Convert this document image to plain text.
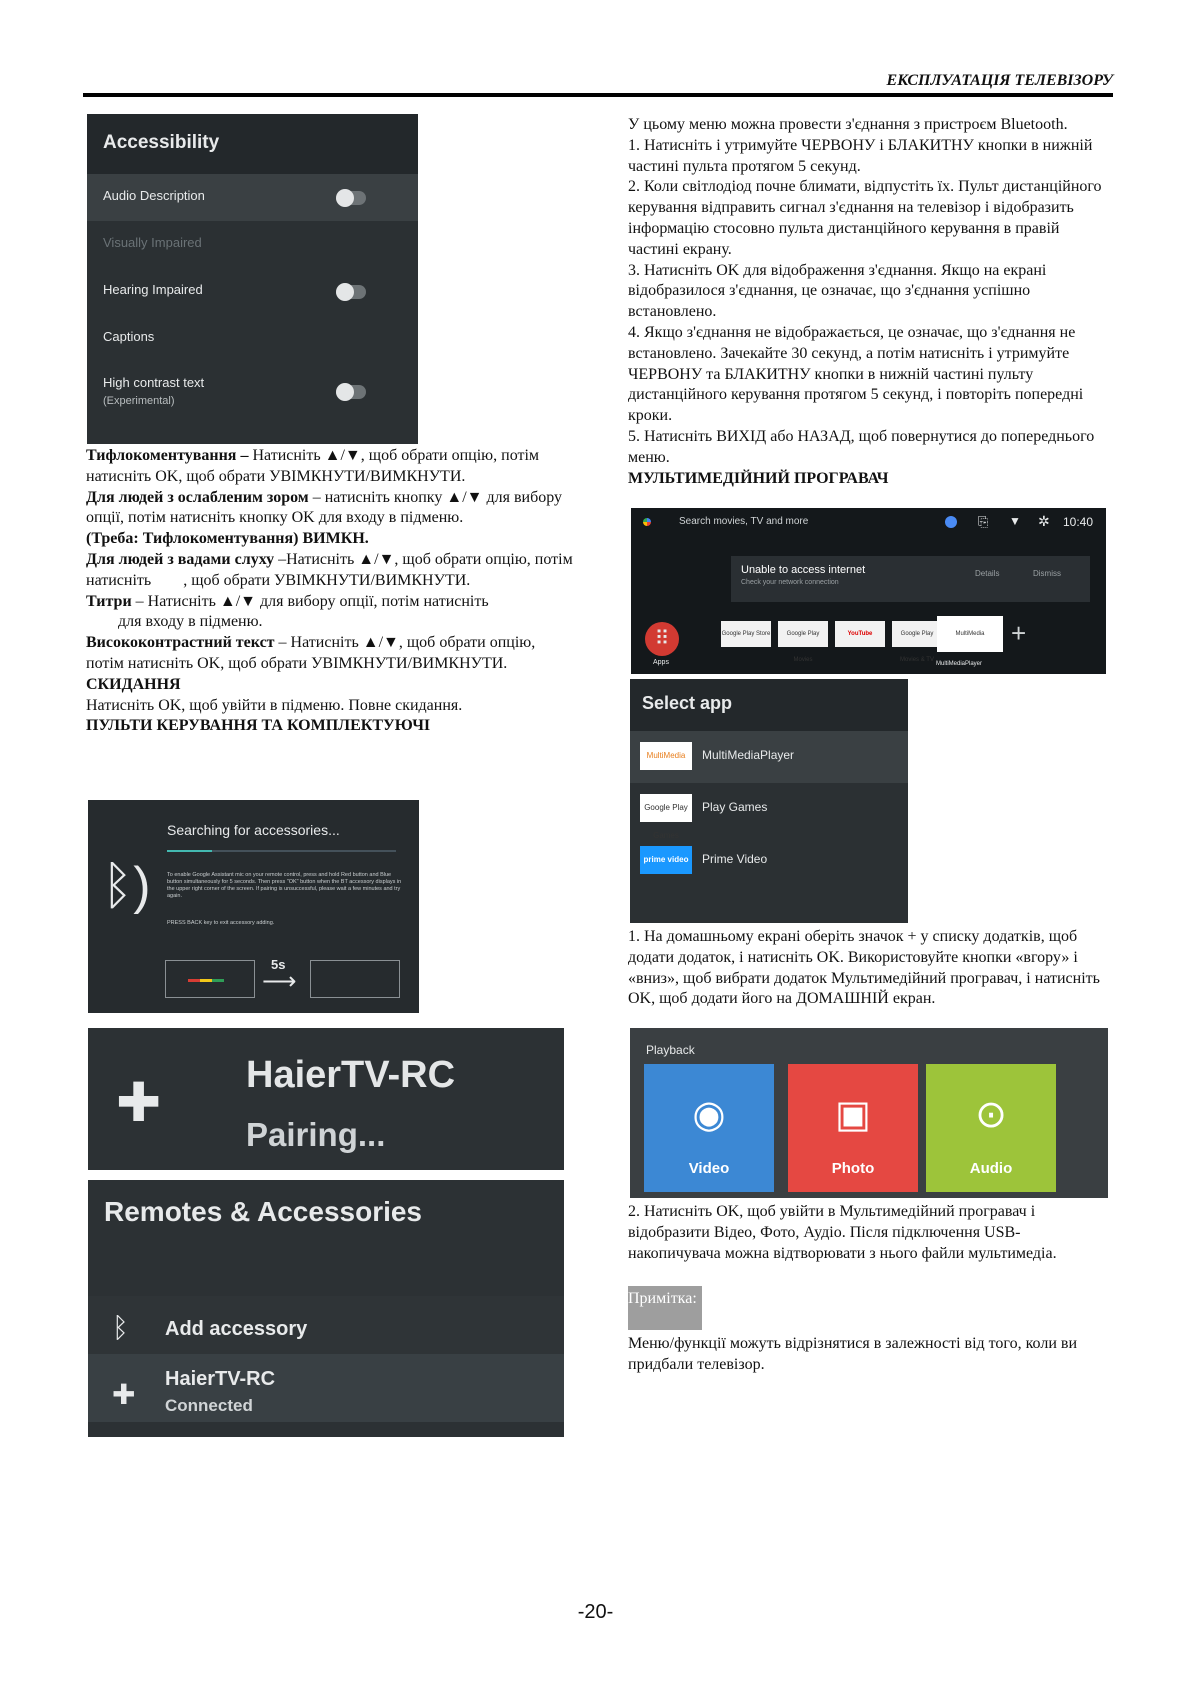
ЕКСПЛУАТАЦІЯ ТЕЛЕВІЗОРУ
Accessibility
Audio Description
Visually Impaired
Hearing Impaired
Captions
High contrast text
(Experimental)

Тифлокоментування – Натисніть ▲/▼, щоб обрати опцію, потім натисніть OK, щоб обрати УВІМКНУТИ/ВИМКНУТИ.

Для людей з ослабленим зором – натисніть кнопку ▲/▼ для вибору опції, потім натисніть кнопку OK для входу в підменю.

(Треба: Тифлокоментування) ВИМКН.

Для людей з вадами слуху –Натисніть ▲/▼, щоб обрати опцію, потім натисніть        , щоб обрати УВІМКНУТИ/ВИМКНУТИ.

Титри – Натисніть ▲/▼ для вибору опції, потім натисніть

для входу в підменю.

Висококонтрастний текст – Натисніть ▲/▼, щоб обрати опцію, потім натисніть OK, щоб обрати УВІМКНУТИ/ВИМКНУТИ.

СКИДАННЯ

Натисніть OK, щоб увійти в підменю. Повне скидання.

ПУЛЬТИ КЕРУВАННЯ ТА КОМПЛЕКТУЮЧІ

Searching for accessories...
ᛒ)	To enable Google Assistant mic on your remote control, press and hold Red button and Blue button simultaneously for 5 seconds. Then press "OK" button when the BT accessory displays in the upper right corner of the screen. If pairing is unsuccessful, please wait a few minutes and try again.
PRESS BACK key to exit accessory adding.
5s
⟶
✚ HaierTV-RC
Pairing...
Remotes & Accessories
ᛒ Add accessory
✚ HaierTV-RC
Connected

У цьому меню можна провести з'єднання з пристроєм Bluetooth.

1. Натисніть і утримуйте ЧЕРВОНУ і БЛАКИТНУ кнопки в нижній частині пульта протягом 5 секунд.

2. Коли світлодіод почне блимати, відпустіть їх. Пульт дистанційного керування відправить сигнал з'єднання на телевізор і відобразить інформацію стосовно пульта дистанційного керування в правій частині екрану.

3. Натисніть OK для відображення з'єднання. Якщо на екрані відобразилося з'єднання, це означає, що з'єднання успішно встановлено.

4. Якщо з'єднання не відображається, це означає, що з'єднання не встановлено. Зачекайте 30 секунд, а потім натисніть і утримуйте ЧЕРВОНУ та БЛАКИТНУ кнопки в нижній частині пульту дистанційного керування протягом 5 секунд, і повторіть попередні кроки.

5. Натисніть ВИХІД або НАЗАД, щоб повернутися до попереднього меню.

МУЛЬТИМЕДІЙНИЙ ПРОГРАВАЧ

Search movies, TV and more	⎘ ▼ ✲ 10:40
Unable to access internet
Check your network connection
Details	Dismiss
⠿
Apps
Google Play Store	Google Play Movies
YouTube	Google Play Movies & TV
MultiMedia	+
MultiMediaPlayer
Select app
MultiMedia	MultiMediaPlayer
Google Play Games
Play Games
prime video Prime Video

1. На домашньому екрані оберіть значок + у списку додатків, щоб додати додаток, і натисніть OK. Використовуйте кнопки «вгору» і «вниз», щоб вибрати додаток Мультимедійний програвач, і натисніть OK, щоб додати його на ДОМАШНІЙ екран.

Playback
◉
Video
▣
Photo
⊙
Audio

2. Натисніть OK, щоб увійти в Мультимедійний програвач і відобразити Відео, Фото, Аудіо. Після підключення USB-накопичувача можна відтворювати з нього файли мультимедіа.

Примітка:

Меню/функції можуть відрізнятися в залежності від того, коли ви придбали телевізор.

-20-
